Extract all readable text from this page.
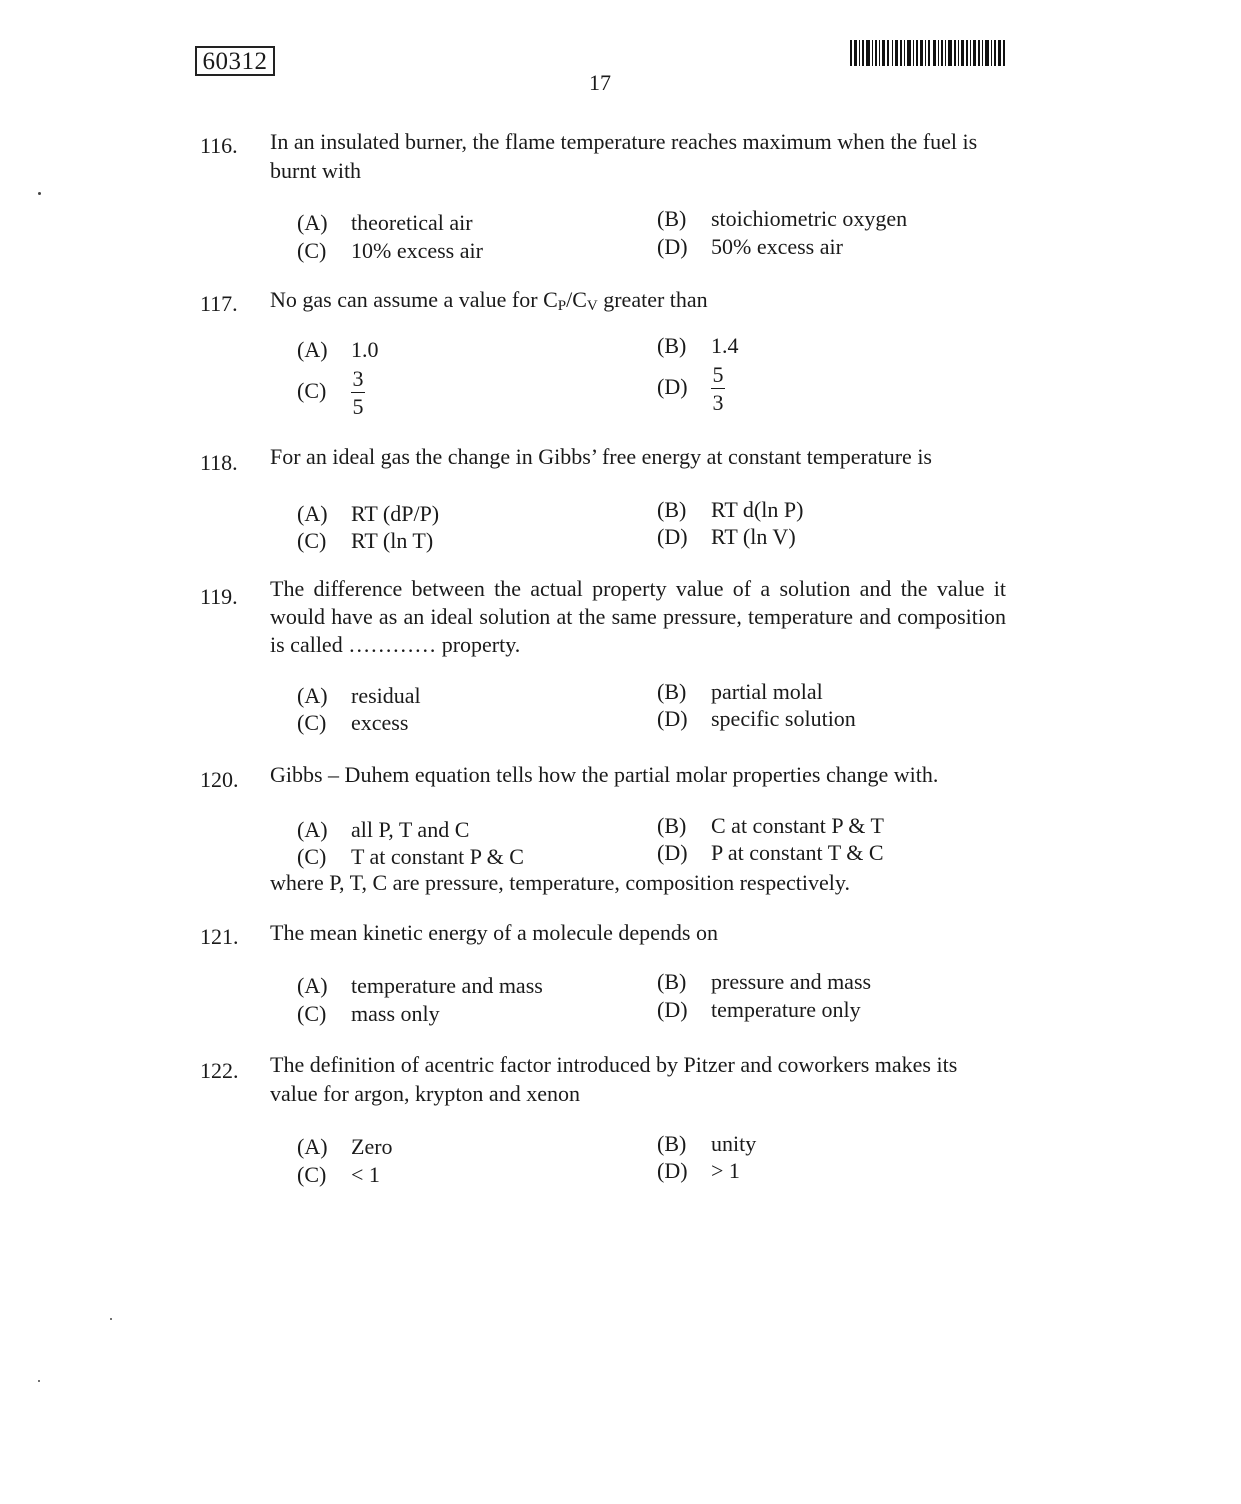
60312
17
116. In an insulated burner, the flame temperature reaches maximum when the fuel is burnt with
(A) theoretical air	(B) stoichiometric oxygen
(C) 10% excess air	(D) 50% excess air
117. No gas can assume a value for $C_P/C_V$ greater than
(A) 1.0	(B) 1.4
$(C) \frac{3}{5}$	$(D) \frac{5}{3}$
118. For an ideal gas the change in Gibbs’ free energy at constant temperature is
(A) RT (dP/P)	(B) RT d(ln P)
(C) RT (ln T)	(D) RT (ln V)
119. The difference between the actual property value of a solution and the value it would have as an ideal solution at the same pressure, temperature and composition is called ………… property.
(A) residual	(B) partial molal
(C) excess	(D) specific solution
120. Gibbs – Duhem equation tells how the partial molar properties change with.
(A) all P, T and C	(B) C at constant P & T
(C) T at constant P & C	(D) P at constant T & C
where P, T, C are pressure, temperature, composition respectively.
121. The mean kinetic energy of a molecule depends on
(A) temperature and mass	(B) pressure and mass
(C) mass only	(D) temperature only
122. The definition of acentric factor introduced by Pitzer and coworkers makes its value for argon, krypton and xenon
(A) Zero	(B) unity
(C) < 1	(D) > 1
